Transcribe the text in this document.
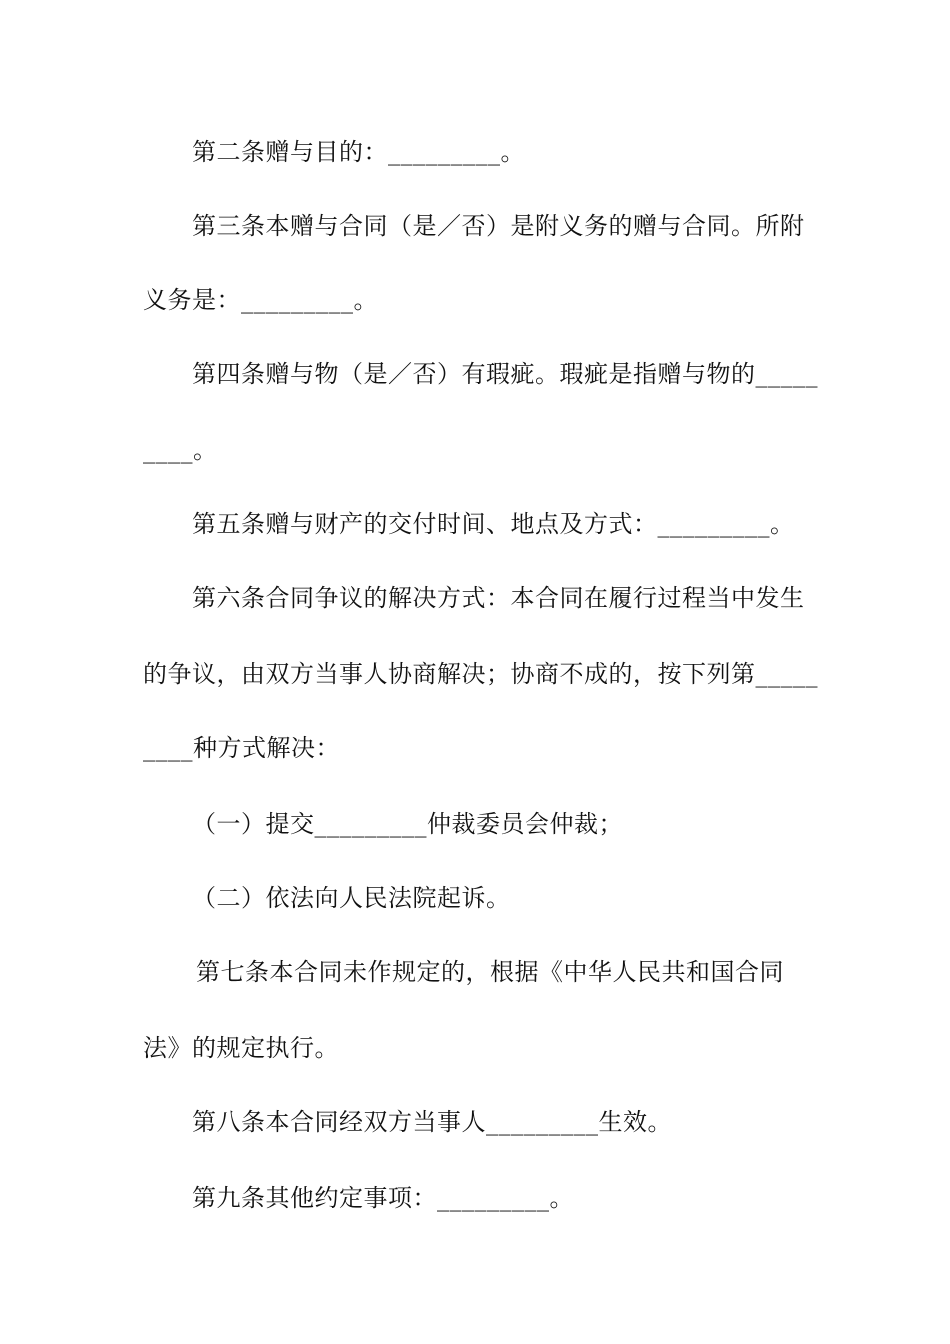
第二条赠与目的：_________。
第三条本赠与合同（是／否）是附义务的赠与合同。所附
义务是：_________。
第四条赠与物（是／否）有瑕疵。瑕疵是指赠与物的_____
____。
第五条赠与财产的交付时间、地点及方式：_________。
第六条合同争议的解决方式：本合同在履行过程当中发生
的争议，由双方当事人协商解决；协商不成的，按下列第_____
____种方式解决：
（一）提交_________仲裁委员会仲裁；
（二）依法向人民法院起诉。
第七条本合同未作规定的，根据《中华人民共和国合同
法》的规定执行。
第八条本合同经双方当事人_________生效。
第九条其他约定事项：_________。
